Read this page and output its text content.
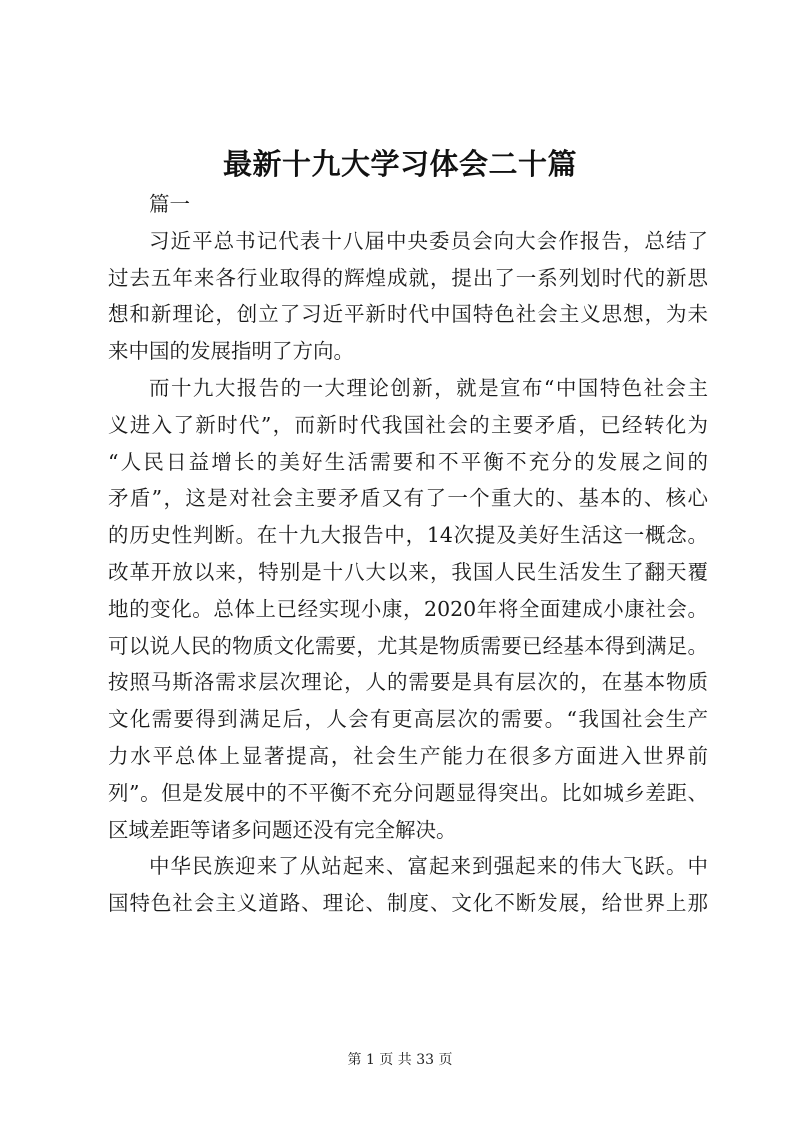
最新十九大学习体会二十篇
篇一
习近平总书记代表十八届中央委员会向大会作报告，总结了
过去五年来各行业取得的辉煌成就，提出了一系列划时代的新思
想和新理论，创立了习近平新时代中国特色社会主义思想，为未
来中国的发展指明了方向。
而十九大报告的一大理论创新，就是宣布“中国特色社会主
义进入了新时代”，而新时代我国社会的主要矛盾，已经转化为
“人民日益增长的美好生活需要和不平衡不充分的发展之间的
矛盾”，这是对社会主要矛盾又有了一个重大的、基本的、核心
的历史性判断。在十九大报告中，14次提及美好生活这一概念。
改革开放以来，特别是十八大以来，我国人民生活发生了翻天覆
地的变化。总体上已经实现小康，2020年将全面建成小康社会。
可以说人民的物质文化需要，尤其是物质需要已经基本得到满足。
按照马斯洛需求层次理论，人的需要是具有层次的，在基本物质
文化需要得到满足后，人会有更高层次的需要。“我国社会生产
力水平总体上显著提高，社会生产能力在很多方面进入世界前
列”。但是发展中的不平衡不充分问题显得突出。比如城乡差距、
区域差距等诸多问题还没有完全解决。
中华民族迎来了从站起来、富起来到强起来的伟大飞跃。中
国特色社会主义道路、理论、制度、文化不断发展，给世界上那
第 1 页 共 33 页
